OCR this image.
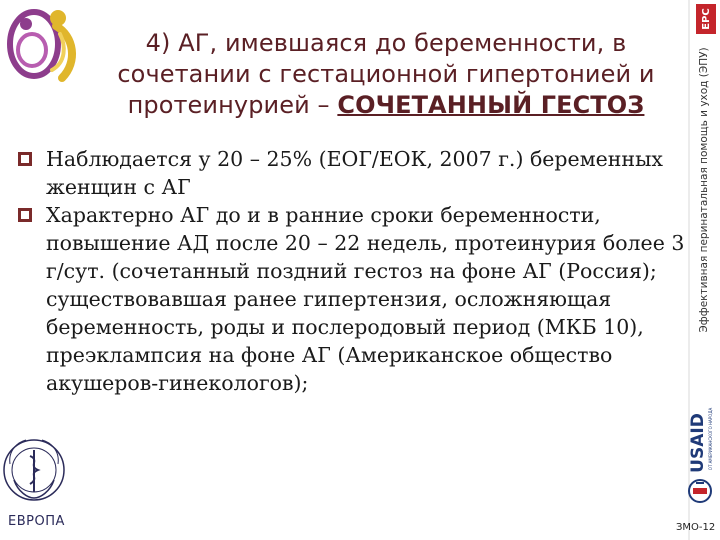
4) АГ, имевшаяся до беременности, в
сочетании с гестационной гипертонией и
протеинурией – СОЧЕТАННЫЙ ГЕСТОЗ
EPC
Эффективная перинатальная помощь и уход (ЭПУ)
Наблюдается у 20 – 25% (ЕОГ/ЕОК, 2007 г.) беременных женщин с АГ
Характерно АГ до и в ранние сроки беременности, повышение АД после 20 – 22 недель, протеинурия более 3 г/сут. (сочетанный поздний гестоз на фоне АГ (Россия); существовавшая ранее гипертензия, осложняющая беременность, роды и послеродовый период (МКБ 10), преэклампсия на фоне АГ (Американское общество акушеров-гинекологов);
ЕВРОПА
USAID ОТ АМЕРИКАНСКОГО НАРОДА
ЗМО-12
